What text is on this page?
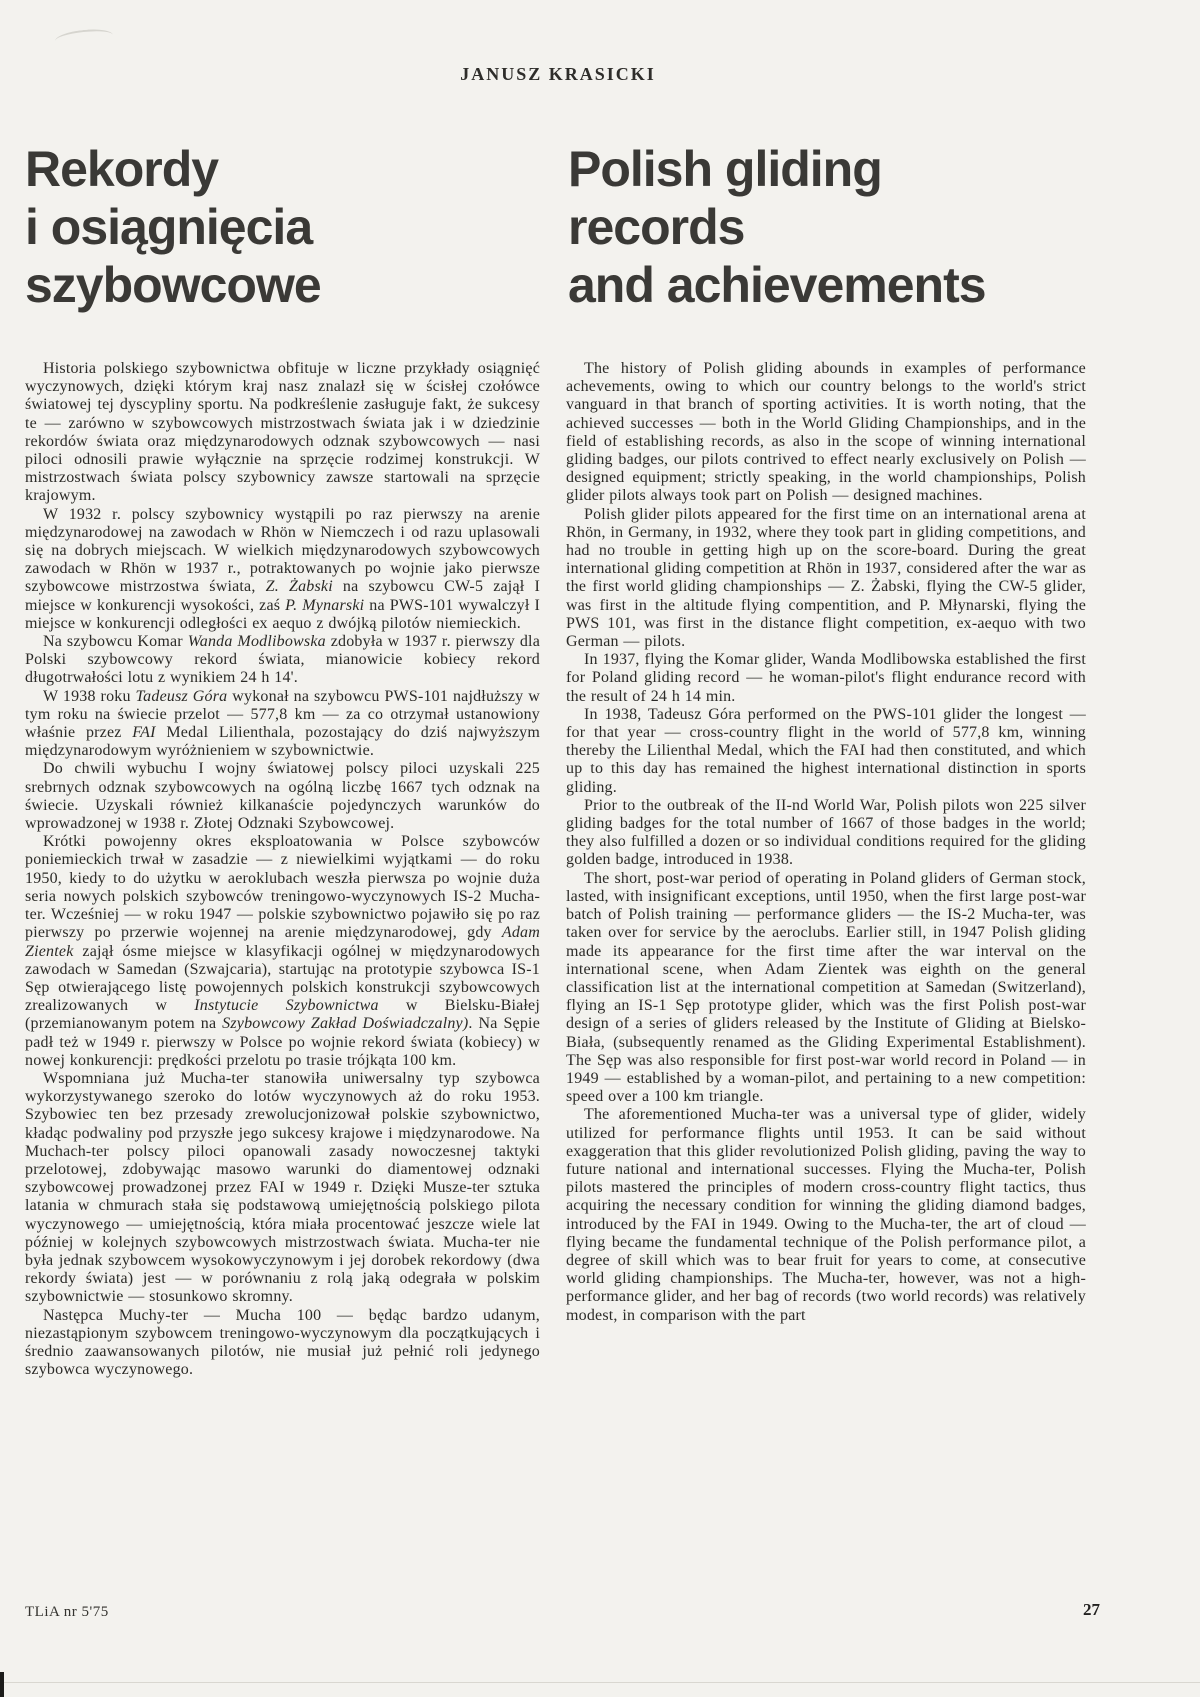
JANUSZ KRASICKI
Rekordy
i osiągnięcia
szybowcowe
Polish gliding
records
and achievements

Historia polskiego szybownictwa obfituje w liczne przykłady osiągnięć wyczynowych, dzięki którym kraj nasz znalazł się w ścisłej czołówce światowej tej dyscypliny sportu. Na podkreślenie zasługuje fakt, że sukcesy te — zarówno w szybowcowych mistrzostwach świata jak i w dziedzinie rekordów świata oraz międzynarodowych odznak szybowcowych — nasi piloci odnosili prawie wyłącznie na sprzęcie rodzimej konstrukcji. W mistrzostwach świata polscy szybownicy zawsze startowali na sprzęcie krajowym.

W 1932 r. polscy szybownicy wystąpili po raz pierwszy na arenie międzynarodowej na zawodach w Rhön w Niemczech i od razu uplasowali się na dobrych miejscach. W wielkich międzynarodowych szybowcowych zawodach w Rhön w 1937 r., potraktowanych po wojnie jako pierwsze szybowcowe mistrzostwa świata, Z. Żabski na szybowcu CW-5 zajął I miejsce w konkurencji wysokości, zaś P. Mynarski na PWS-101 wywalczył I miejsce w konkurencji odległości ex aequo z dwójką pilotów niemieckich.

Na szybowcu Komar Wanda Modlibowska zdobyła w 1937 r. pierwszy dla Polski szybowcowy rekord świata, mianowicie kobiecy rekord długotrwałości lotu z wynikiem 24 h 14'.

W 1938 roku Tadeusz Góra wykonał na szybowcu PWS-101 najdłuższy w tym roku na świecie przelot — 577,8 km — za co otrzymał ustanowiony właśnie przez FAI Medal Lilienthala, pozostający do dziś najwyższym międzynarodowym wyróżnieniem w szybownictwie.

Do chwili wybuchu I wojny światowej polscy piloci uzyskali 225 srebrnych odznak szybowcowych na ogólną liczbę 1667 tych odznak na świecie. Uzyskali również kilkanaście pojedynczych warunków do wprowadzonej w 1938 r. Złotej Odznaki Szybowcowej.

Krótki powojenny okres eksploatowania w Polsce szybowców poniemieckich trwał w zasadzie — z niewielkimi wyjątkami — do roku 1950, kiedy to do użytku w aeroklubach weszła pierwsza po wojnie duża seria nowych polskich szybowców treningowo-wyczynowych IS-2 Mucha-ter. Wcześniej — w roku 1947 — polskie szybownictwo pojawiło się po raz pierwszy po przerwie wojennej na arenie międzynarodowej, gdy Adam Zientek zajął ósme miejsce w klasyfikacji ogólnej w międzynarodowych zawodach w Samedan (Szwajcaria), startując na prototypie szybowca IS-1 Sęp otwierającego listę powojennych polskich konstrukcji szybowcowych zrealizowanych w Instytucie Szybownictwa w Bielsku-Białej (przemianowanym potem na Szybowcowy Zakład Doświadczalny). Na Sępie padł też w 1949 r. pierwszy w Polsce po wojnie rekord świata (kobiecy) w nowej konkurencji: prędkości przelotu po trasie trójkąta 100 km.

Wspomniana już Mucha-ter stanowiła uniwersalny typ szybowca wykorzystywanego szeroko do lotów wyczynowych aż do roku 1953. Szybowiec ten bez przesady zrewolucjonizował polskie szybownictwo, kładąc podwaliny pod przyszłe jego sukcesy krajowe i międzynarodowe. Na Muchach-ter polscy piloci opanowali zasady nowoczesnej taktyki przelotowej, zdobywając masowo warunki do diamentowej odznaki szybowcowej prowadzonej przez FAI w 1949 r. Dzięki Musze-ter sztuka latania w chmurach stała się podstawową umiejętnością polskiego pilota wyczynowego — umiejętnością, która miała procentować jeszcze wiele lat później w kolejnych szybowcowych mistrzostwach świata. Mucha-ter nie była jednak szybowcem wysokowyczynowym i jej dorobek rekordowy (dwa rekordy świata) jest — w porównaniu z rolą jaką odegrała w polskim szybownictwie — stosunkowo skromny.

Następca Muchy-ter — Mucha 100 — będąc bardzo udanym, niezastąpionym szybowcem treningowo-wyczynowym dla początkujących i średnio zaawansowanych pilotów, nie musiał już pełnić roli jedynego szybowca wyczynowego.

The history of Polish gliding abounds in examples of performance achevements, owing to which our country belongs to the world's strict vanguard in that branch of sporting activities. It is worth noting, that the achieved successes — both in the World Gliding Championships, and in the field of establishing records, as also in the scope of winning international gliding badges, our pilots contrived to effect nearly exclusively on Polish — designed equipment; strictly speaking, in the world championships, Polish glider pilots always took part on Polish — designed machines.

Polish glider pilots appeared for the first time on an international arena at Rhön, in Germany, in 1932, where they took part in gliding competitions, and had no trouble in getting high up on the score-board. During the great international gliding competition at Rhön in 1937, considered after the war as the first world gliding championships — Z. Żabski, flying the CW-5 glider, was first in the altitude flying compentition, and P. Młynarski, flying the PWS 101, was first in the distance flight competition, ex-aequo with two German — pilots.

In 1937, flying the Komar glider, Wanda Modlibowska established the first for Poland gliding record — he woman-pilot's flight endurance record with the result of 24 h 14 min.

In 1938, Tadeusz Góra performed on the PWS-101 glider the longest — for that year — cross-country flight in the world of 577,8 km, winning thereby the Lilienthal Medal, which the FAI had then constituted, and which up to this day has remained the highest international distinction in sports gliding.

Prior to the outbreak of the II-nd World War, Polish pilots won 225 silver gliding badges for the total number of 1667 of those badges in the world; they also fulfilled a dozen or so individual conditions required for the gliding golden badge, introduced in 1938.

The short, post-war period of operating in Poland gliders of German stock, lasted, with insignificant exceptions, until 1950, when the first large post-war batch of Polish training — performance gliders — the IS-2 Mucha-ter, was taken over for service by the aeroclubs. Earlier still, in 1947 Polish gliding made its appearance for the first time after the war interval on the international scene, when Adam Zientek was eighth on the general classification list at the international competition at Samedan (Switzerland), flying an IS-1 Sęp prototype glider, which was the first Polish post-war design of a series of gliders released by the Institute of Gliding at Bielsko-Biała, (subsequently renamed as the Gliding Experimental Establishment). The Sęp was also responsible for first post-war world record in Poland — in 1949 — established by a woman-pilot, and pertaining to a new competition: speed over a 100 km triangle.

The aforementioned Mucha-ter was a universal type of glider, widely utilized for performance flights until 1953. It can be said without exaggeration that this glider revolutionized Polish gliding, paving the way to future national and international successes. Flying the Mucha-ter, Polish pilots mastered the principles of modern cross-country flight tactics, thus acquiring the necessary condition for winning the gliding diamond badges, introduced by the FAI in 1949. Owing to the Mucha-ter, the art of cloud — flying became the fundamental technique of the Polish performance pilot, a degree of skill which was to bear fruit for years to come, at consecutive world gliding championships. The Mucha-ter, however, was not a high-performance glider, and her bag of records (two world records) was relatively modest, in comparison with the part

TLiA nr 5'75	27
